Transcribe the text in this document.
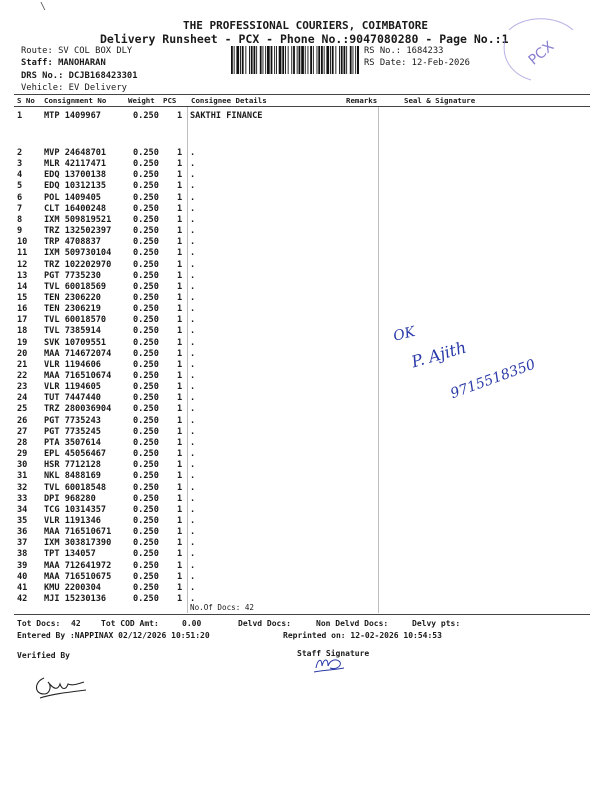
THE PROFESSIONAL COURIERS, COIMBATORE
Delivery Runsheet - PCX - Phone No.:9047080280 - Page No.:1
Route: SV COL BOX DLY
Staff: MANOHARAN
DRS No.: DCJB168423301
Vehicle: EV Delivery
RS No.: 1684233
RS Date: 12-Feb-2026	PCX
\
S No Consignment No	Weight PCS Consignee Details	Remarks	Seal & Signature
1	MTP 1409967	0.250 1 SAKTHI FINANCE
2	MVP 24648701	0.250 1 .
3	MLR 42117471	0.250 1 .
4	EDQ 13700138	0.250 1 .
5	EDQ 10312135	0.250 1 .
6	POL 1409405	0.250 1 .
7	CLT 16400248	0.250 1 .
8	IXM 509819521	0.250 1 .
9	TRZ 132502397	0.250 1 .
10 TRP 4708837	0.250 1 .
11 IXM 509730104	0.250 1 .
12 TRZ 102202970	0.250 1 .
13 PGT 7735230	0.250 1 .
14 TVL 60018569	0.250 1 .
15 TEN 2306220	0.250 1 .
16 TEN 2306219	0.250 1 .
17 TVL 60018570	0.250 1 .
18 TVL 7385914	0.250 1 .
19 SVK 10709551	0.250 1 .
20 MAA 714672074	0.250 1 .
21 VLR 1194606	0.250 1 .
22 MAA 716510674	0.250 1 .
23 VLR 1194605	0.250 1 .
24 TUT 7447440	0.250 1 .
25 TRZ 280036904	0.250 1 .
26 PGT 7735243	0.250 1 .
27 PGT 7735245	0.250 1 .
28 PTA 3507614	0.250 1 .
29 EPL 45056467	0.250 1 .
30 HSR 7712128	0.250 1 .
31 NKL 8488169	0.250 1 .
32 TVL 60018548	0.250 1 .
33 DPI 968280	0.250 1 .
34 TCG 10314357	0.250 1 .
35 VLR 1191346	0.250 1 .
36 MAA 716510671	0.250 1 .
37 IXM 303817390	0.250 1 .
38 TPT 134057	0.250 1 .
39 MAA 712641972	0.250 1 .
40 MAA 716510675	0.250 1 .
41 KMU 2200304	0.250 1 .
42 MJI 15230136	0.250 1 .
No.Of Docs: 42
Tot Docs: 42	Tot COD Amt:	0.00	Delvd Docs:	Non Delvd Docs:	Delvy pts:
Entered By :NAPPINAX 02/12/2026 10:51:20	Reprinted on: 12-02-2026 10:54:53
Verified By	Staff Signature
OK
P. Ajith
9715518350
